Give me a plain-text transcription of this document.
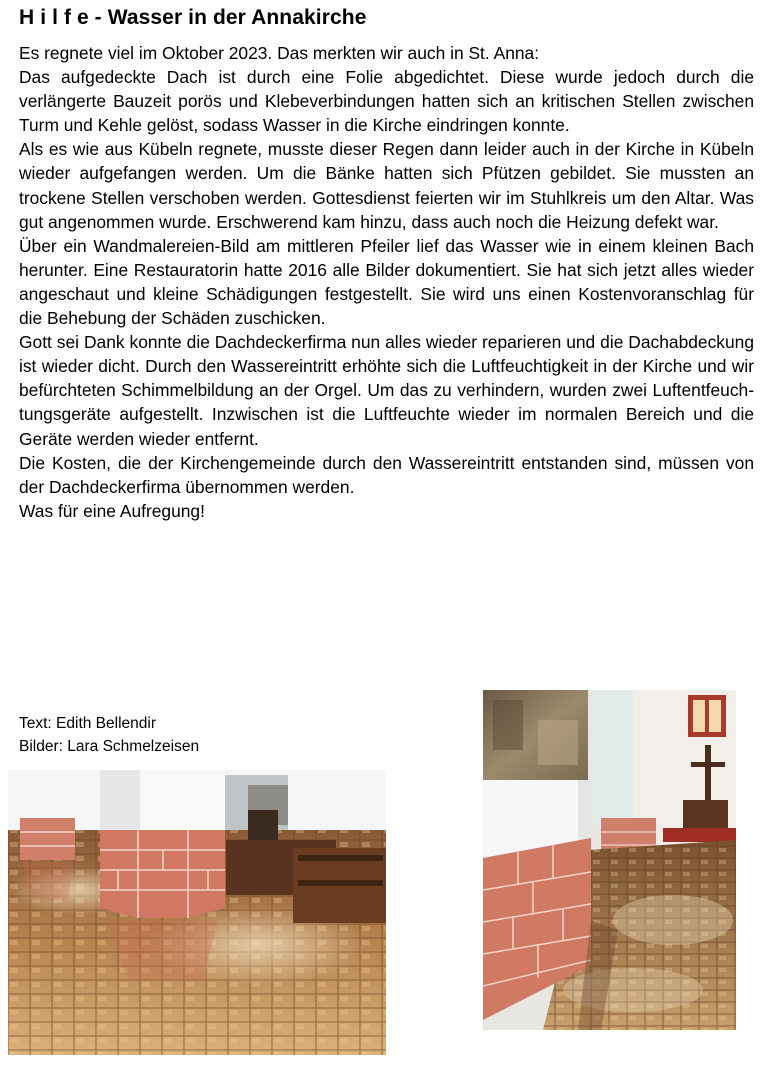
H i l f e - Wasser in der Annakirche

Es regnete viel im Oktober 2023. Das merkten wir auch in St. Anna:

Das aufgedeckte Dach ist durch eine Folie abgedichtet. Diese wurde jedoch durch die verlängerte Bauzeit porös und Klebeverbindungen hatten sich an kritischen Stellen zwischen Turm und Kehle gelöst, sodass Wasser in die Kirche eindringen konnte.

Als es wie aus Kübeln regnete, musste dieser Regen dann leider auch in der Kirche in Kübeln wieder aufgefangen werden. Um die Bänke hatten sich Pfützen gebildet. Sie mussten an trockene Stellen verschoben werden. Gottesdienst feierten wir im Stuhlkreis um den Altar. Was gut angenommen wurde. Erschwerend kam hinzu, dass auch noch die Heizung defekt war.

Über ein Wandmalereien-Bild am mittleren Pfeiler lief das Wasser wie in einem kleinen Bach herunter. Eine Restauratorin hatte 2016 alle Bilder dokumentiert. Sie hat sich jetzt alles wieder angeschaut und kleine Schädigungen festgestellt. Sie wird uns einen Kostenvoranschlag für die Behebung der Schäden zuschicken.

Gott sei Dank konnte die Dachdeckerfirma nun alles wieder reparieren und die Dachabdeckung ist wieder dicht. Durch den Wassereintritt erhöhte sich die Luftfeuchtigkeit in der Kirche und wir befürchteten Schimmelbildung an der Orgel. Um das zu verhindern, wurden zwei Luftentfeuchtungsgeräte aufgestellt. Inzwischen ist die Luftfeuchte wieder im normalen Bereich und die Geräte werden wieder entfernt.

Die Kosten, die der Kirchengemeinde durch den Wassereintritt entstanden sind, müssen von der Dachdeckerfirma übernommen werden.

Was für eine Aufregung!

Text: Edith Bellendir
Bilder: Lara Schmelzeisen
